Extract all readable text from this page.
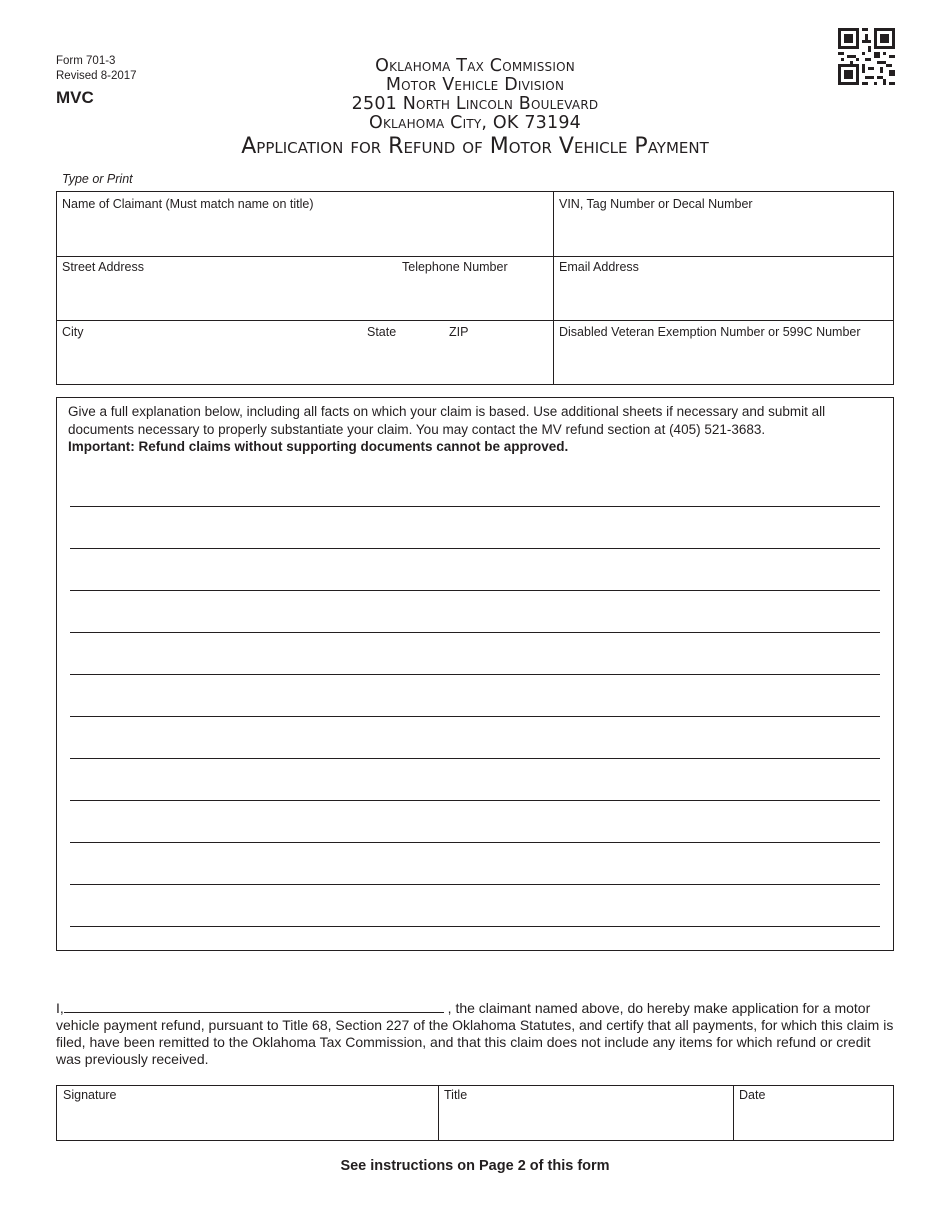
Form 701-3
Revised 8-2017
MVC
Oklahoma Tax Commission
Motor Vehicle Division
2501 North Lincoln Boulevard
Oklahoma City, OK 73194
Application for Refund of Motor Vehicle Payment
Type or Print
Name of Claimant (Must match name on title)	VIN, Tag Number or Decal Number
Street Address	Telephone Number	Email Address
City	State	ZIP	Disabled Veteran Exemption Number or 599C Number
Give a full explanation below, including all facts on which your claim is based. Use additional sheets if necessary and submit all documents necessary to properly substantiate your claim. You may contact the MV refund section at (405) 521-3683.
Important: Refund claims without supporting documents cannot be approved.
I,	, the claimant named above, do hereby make application for a motor vehicle payment refund, pursuant to Title 68, Section 227 of the Oklahoma Statutes, and certify that all payments, for which this claim is filed, have been remitted to the Oklahoma Tax Commission, and that this claim does not include any items for which refund or credit was previously received.
Signature	Title	Date
See instructions on Page 2 of this form
